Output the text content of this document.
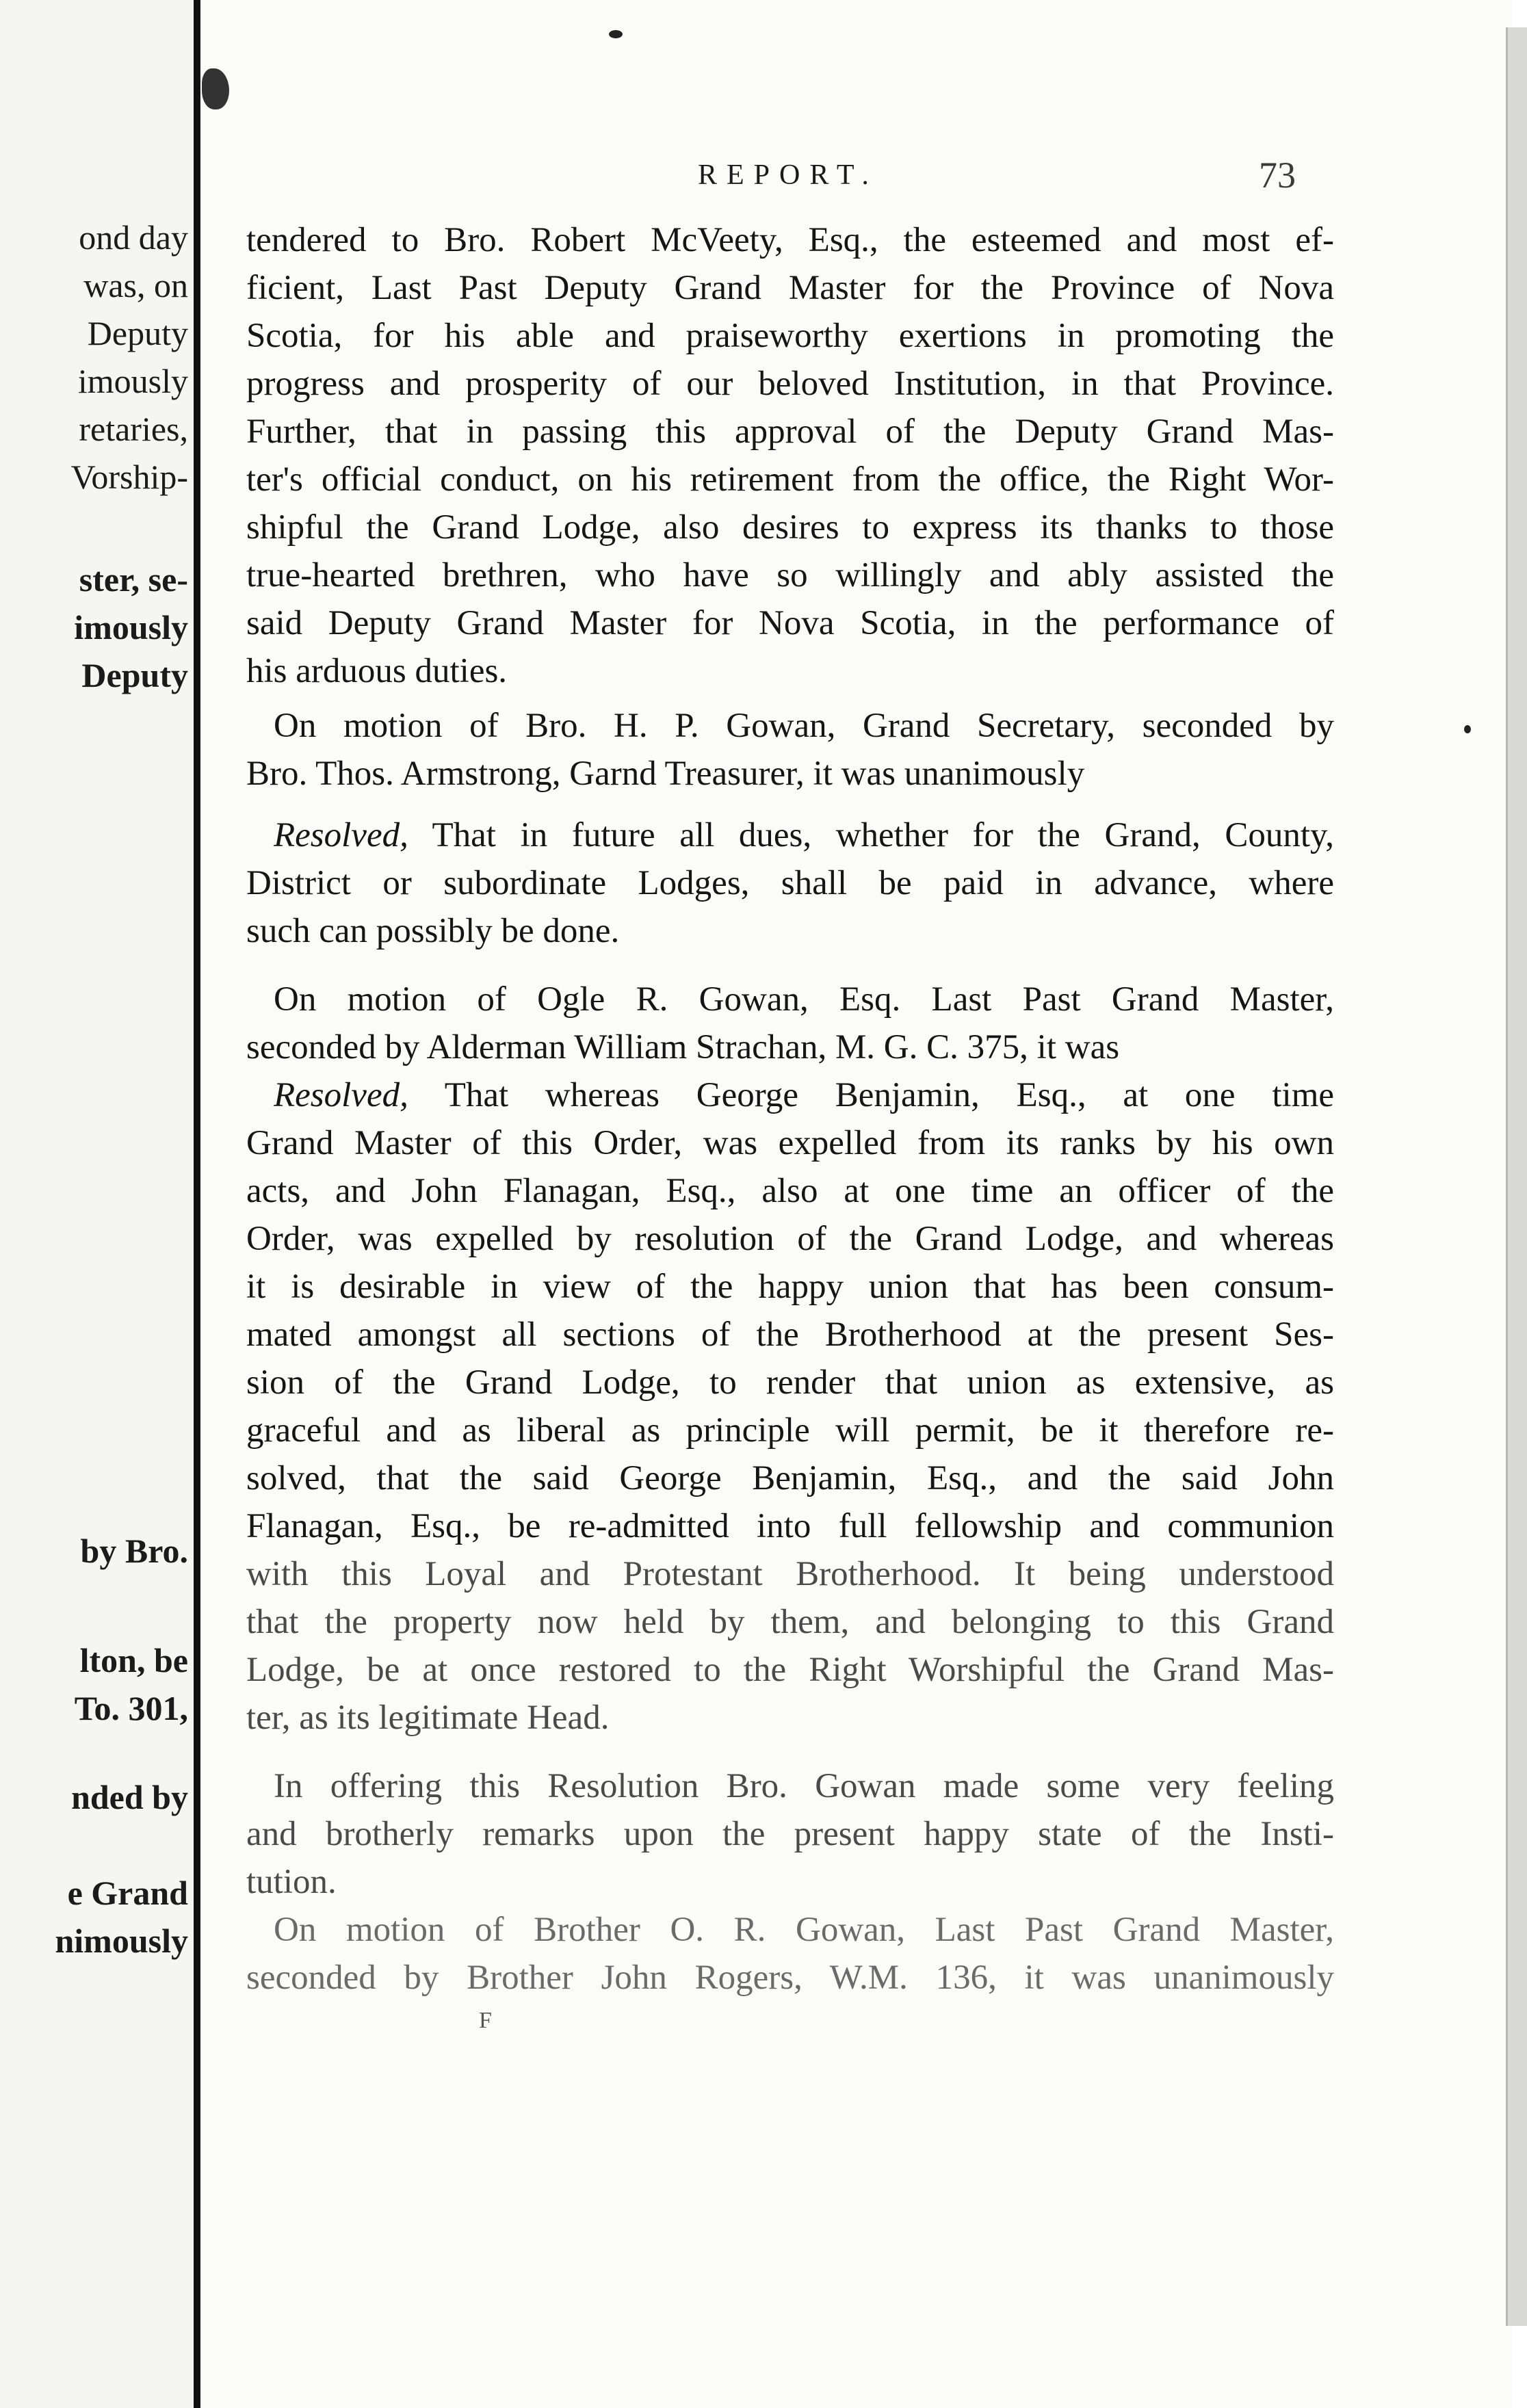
ond day
was, on
Deputy
imously
retaries,
Vorship-
ster, se-
imously
Deputy
by Bro.
lton, be
To. 301,
nded by
e Grand
nimously
REPORT.	73
tendered to Bro. Robert McVeety, Esq., the esteemed and most ef-
ficient, Last Past Deputy Grand Master for the Province of Nova
Scotia, for his able and praiseworthy exertions in promoting the
progress and prosperity of our beloved Institution, in that Province.
Further, that in passing this approval of the Deputy Grand Mas-
ter's official conduct, on his retirement from the office, the Right Wor-
shipful the Grand Lodge, also desires to express its thanks to those
true-hearted brethren, who have so willingly and ably assisted the
said Deputy Grand Master for Nova Scotia, in the performance of
his arduous duties.
On motion of Bro. H. P. Gowan, Grand Secretary, seconded by
Bro. Thos. Armstrong, Garnd Treasurer, it was unanimously
Resolved, That in future all dues, whether for the Grand, County,
District or subordinate Lodges, shall be paid in advance, where
such can possibly be done.
On motion of Ogle R. Gowan, Esq. Last Past Grand Master,
seconded by Alderman William Strachan, M. G. C. 375, it was
Resolved, That whereas George Benjamin, Esq., at one time
Grand Master of this Order, was expelled from its ranks by his own
acts, and John Flanagan, Esq., also at one time an officer of the
Order, was expelled by resolution of the Grand Lodge, and whereas
it is desirable in view of the happy union that has been consum-
mated amongst all sections of the Brotherhood at the present Ses-
sion of the Grand Lodge, to render that union as extensive, as
graceful and as liberal as principle will permit, be it therefore re-
solved, that the said George Benjamin, Esq., and the said John
Flanagan, Esq., be re-admitted into full fellowship and communion
with this Loyal and Protestant Brotherhood. It being understood
that the property now held by them, and belonging to this Grand
Lodge, be at once restored to the Right Worshipful the Grand Mas-
ter, as its legitimate Head.
In offering this Resolution Bro. Gowan made some very feeling
and brotherly remarks upon the present happy state of the Insti-
tution.
On motion of Brother O. R. Gowan, Last Past Grand Master,
seconded by Brother John Rogers, W.M. 136, it was unanimously
F
